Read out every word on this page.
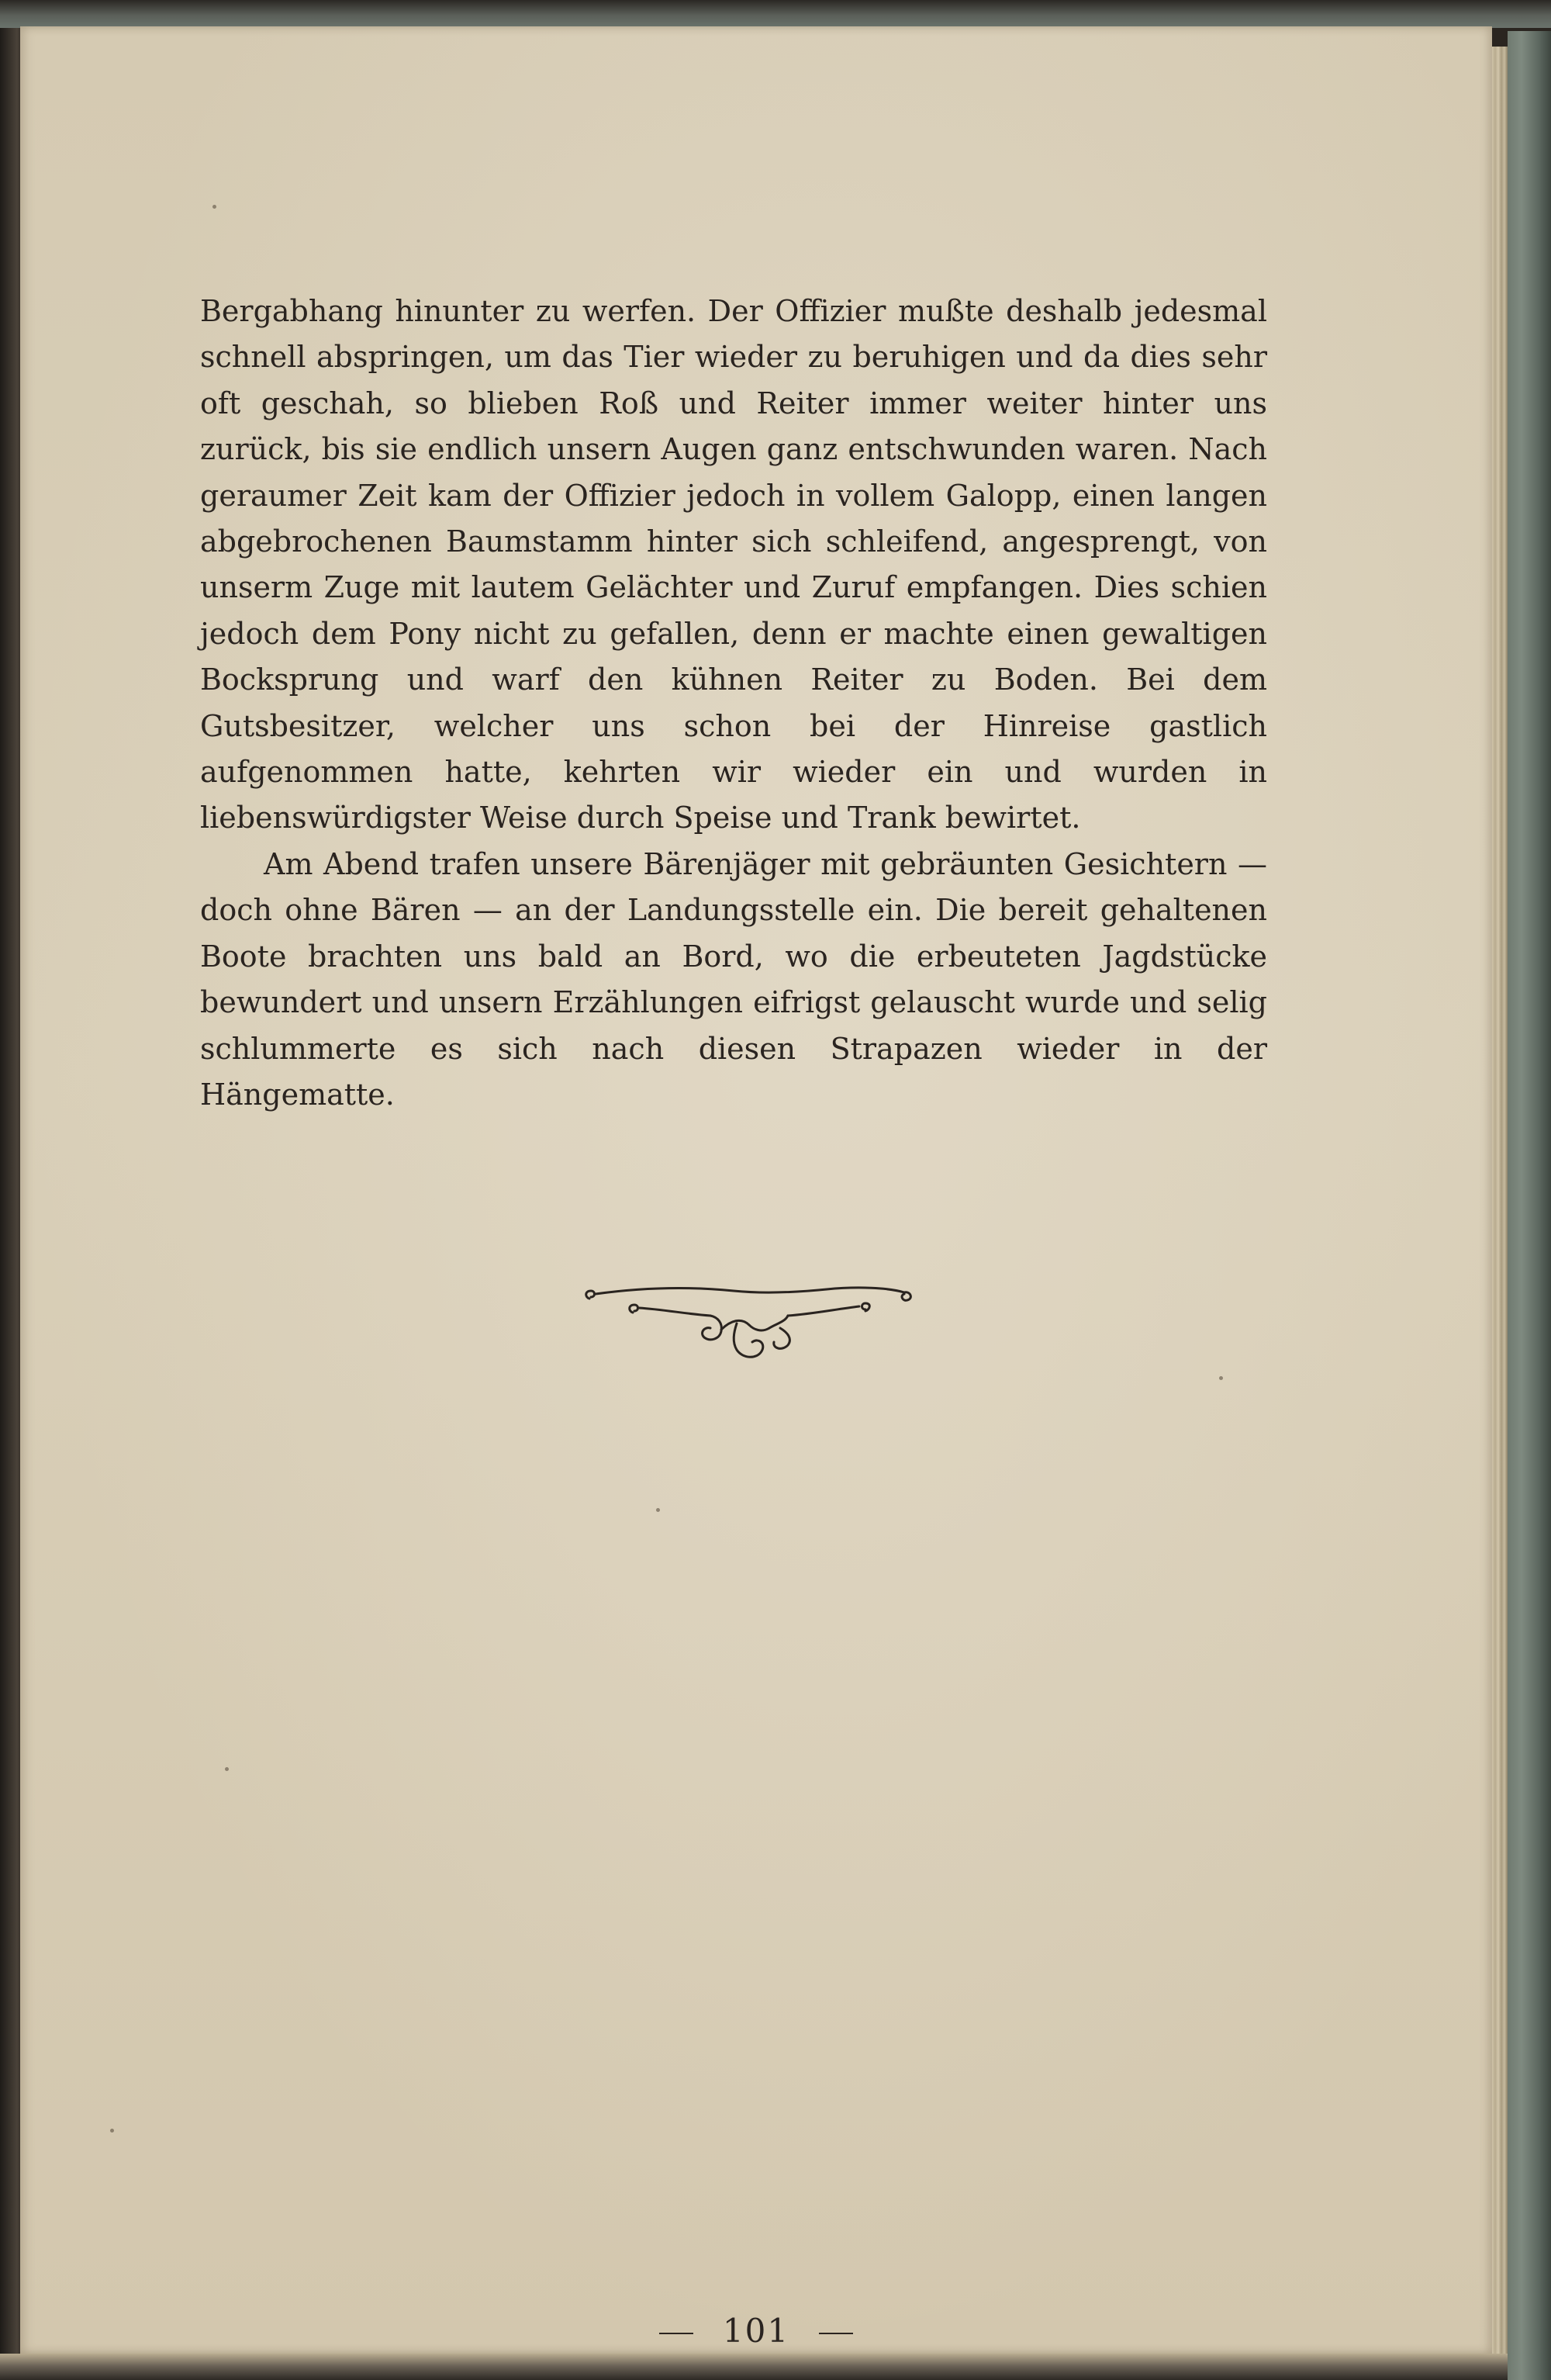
Bergabhang hinunter zu werfen. Der Offizier mußte deshalb jedesmal schnell abspringen, um das Tier wieder zu beruhigen und da dies sehr oft geschah, so blieben Roß und Reiter immer weiter hinter uns zurück, bis sie endlich unsern Augen ganz entschwunden waren. Nach geraumer Zeit kam der Offizier jedoch in vollem Galopp, einen langen abgebrochenen Baumstamm hinter sich schleifend, angesprengt, von unserm Zuge mit lautem Gelächter und Zuruf empfangen. Dies schien jedoch dem Pony nicht zu gefallen, denn er machte einen gewaltigen Bocksprung und warf den kühnen Reiter zu Boden. Bei dem Gutsbesitzer, welcher uns schon bei der Hinreise gastlich aufgenommen hatte, kehrten wir wieder ein und wurden in liebenswürdigster Weise durch Speise und Trank bewirtet.

Am Abend trafen unsere Bärenjäger mit gebräunten Gesichtern — doch ohne Bären — an der Landungsstelle ein. Die bereit gehaltenen Boote brachten uns bald an Bord, wo die erbeuteten Jagdstücke bewundert und unsern Erzählungen eifrigst gelauscht wurde und selig schlummerte es sich nach diesen Strapazen wieder in der Hängematte.

101
